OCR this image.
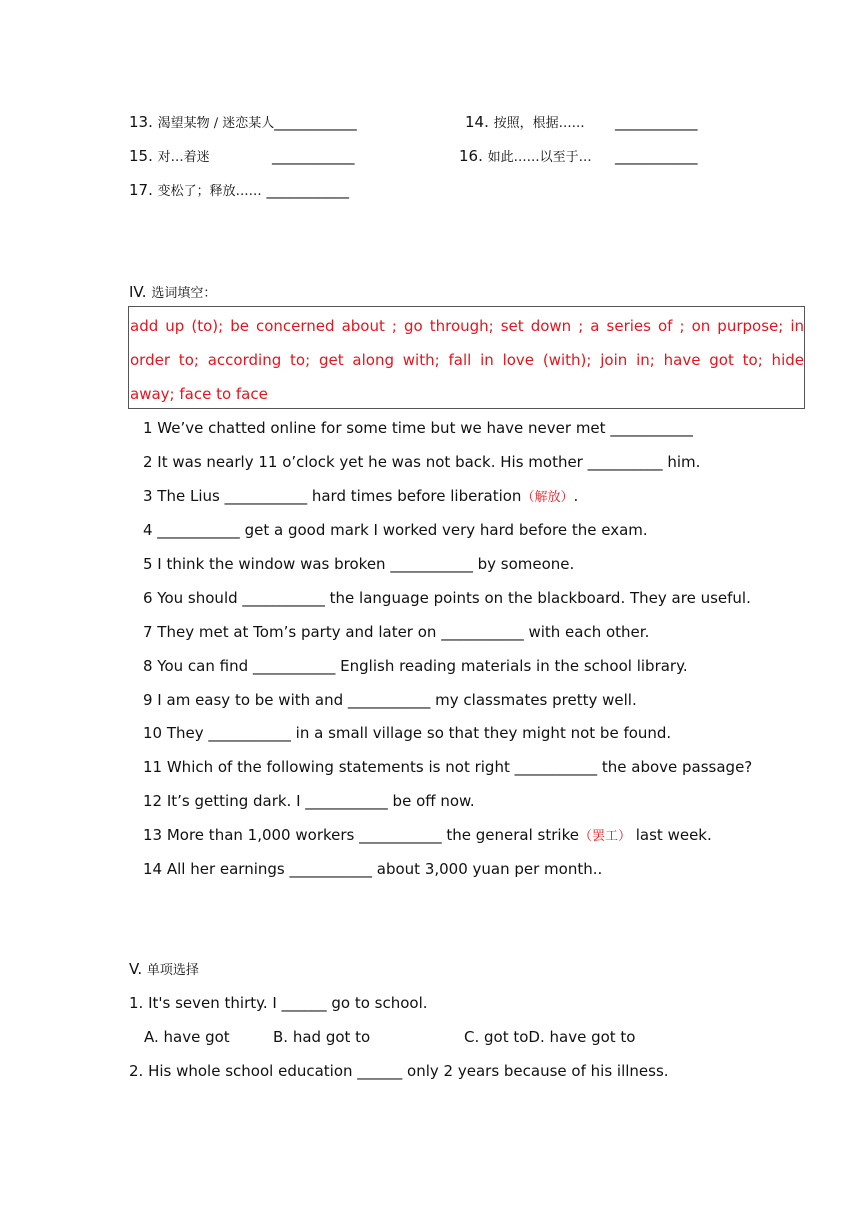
13. 渴望某物 / 迷恋某人___________	14. 按照，根据…… ___________
15. 对…着迷	___________	16. 如此……以至于… ___________
17. 变松了；释放…… ___________
IV. 选词填空：
add up (to); be concerned about ; go through; set down ; a series of ; on purpose; in
order to; according to; get along with; fall in love (with); join in; have got to; hide
away; face to face
1 We’ve chatted online for some time but we have never met ___________
2 It was nearly 11 o’clock yet he was not back. His mother __________ him.
3 The Lius ___________ hard times before liberation（解放）.
4 ___________ get a good mark I worked very hard before the exam.
5 I think the window was broken ___________ by someone.
6 You should ___________ the language points on the blackboard. They are useful.
7 They met at Tom’s party and later on ___________ with each other.
8 You can find ___________ English reading materials in the school library.
9 I am easy to be with and ___________ my classmates pretty well.
10 They ___________ in a small village so that they might not be found.
11 Which of the following statements is not right ___________ the above passage?
12 It’s getting dark. I ___________ be off now.
13 More than 1,000 workers ___________ the general strike（罢工） last week.
14 All her earnings ___________ about 3,000 yuan per month..
V. 单项选择
1. It's seven thirty. I ______ go to school.
A. have got	B. had got to	C. got toD. have got to
2. His whole school education ______ only 2 years because of his illness.
